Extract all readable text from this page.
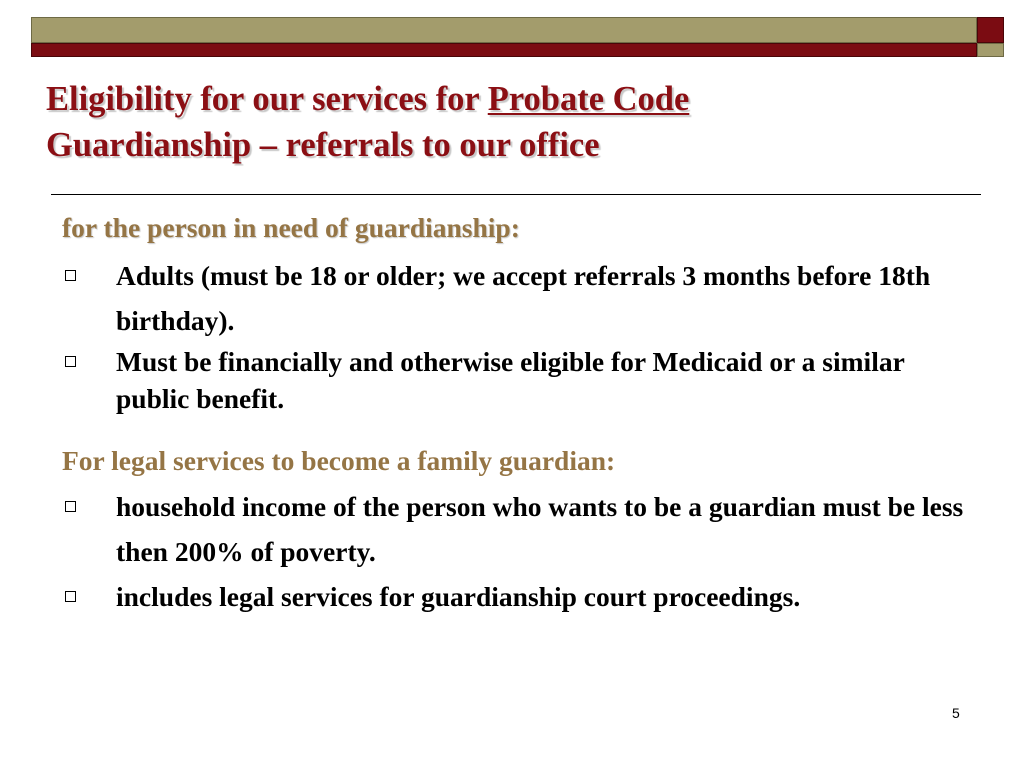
Eligibility for our services for Probate Code
Guardianship – referrals to our office

for the person in need of guardianship:

Adults (must be 18 or older; we accept referrals 3 months before 18th birthday).
Must be financially and otherwise eligible for Medicaid or a similar public benefit.

For legal services to become a family guardian:

household income of the person who wants to be a guardian must be less then 200% of poverty.
includes legal services for guardianship court proceedings.
5
